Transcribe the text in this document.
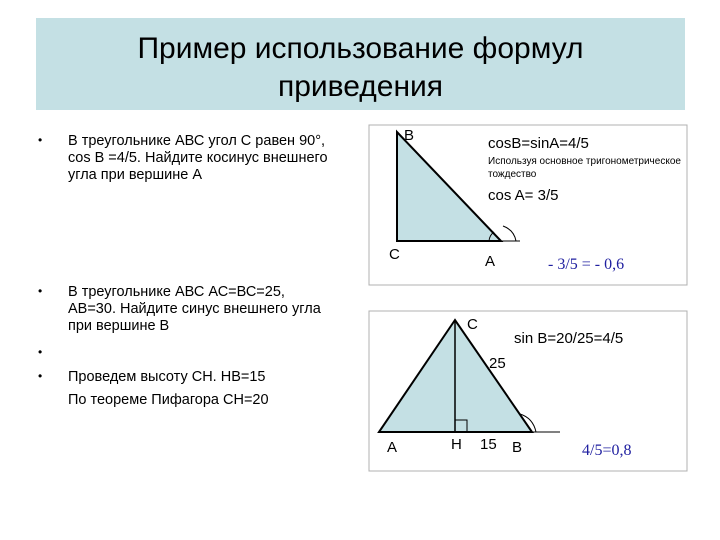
Пример использование формул
приведения
• В треугольнике АВС угол С равен 90°, cos В =4/5. Найдите косинус внешнего угла при вершине А
• В треугольнике АВС АС=ВС=25, АВ=30. Найдите синус внешнего угла при вершине В
•
• Проведем высоту СН. НВ=15
По теореме Пифагора СН=20
B
C	A
cosB=sinA=4/5
Используя основное тригонометрическое тождество
cos A= 3/5
- 3/5 = - 0,6
C
sin B=20/25=4/5
25
A	H 15 B	4/5=0,8
